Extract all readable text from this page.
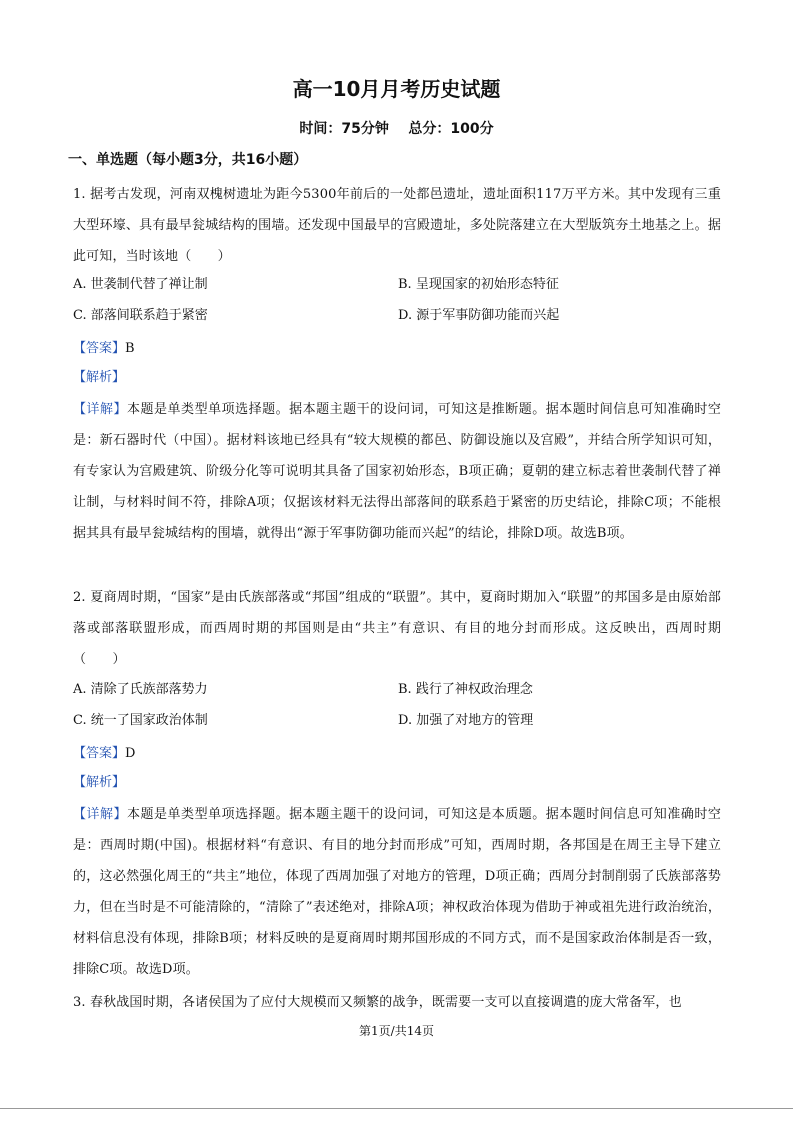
高一10月月考历史试题
时间：75分钟    总分：100分
一、单选题（每小题3分，共16小题）

1. 据考古发现，河南双槐树遗址为距今5300年前后的一处都邑遗址，遗址面积117万平方米。其中发现有三重大型环壕、具有最早瓮城结构的围墙。还发现中国最早的宫殿遗址，多处院落建立在大型版筑夯土地基之上。据此可知，当时该地（　　）

A. 世袭制代替了禅让制	B. 呈现国家的初始形态特征
C. 部落间联系趋于紧密	D. 源于军事防御功能而兴起
【答案】B
【解析】

【详解】本题是单类型单项选择题。据本题主题干的设问词，可知这是推断题。据本题时间信息可知准确时空是：新石器时代（中国）。据材料该地已经具有“较大规模的都邑、防御设施以及宫殿”，并结合所学知识可知，有专家认为宫殿建筑、阶级分化等可说明其具备了国家初始形态，B项正确；夏朝的建立标志着世袭制代替了禅让制，与材料时间不符，排除A项；仅据该材料无法得出部落间的联系趋于紧密的历史结论，排除C项；不能根据其具有最早瓮城结构的围墙，就得出“源于军事防御功能而兴起”的结论，排除D项。故选B项。

2. 夏商周时期，“国家”是由氏族部落或“邦国”组成的“联盟”。其中，夏商时期加入“联盟”的邦国多是由原始部落或部落联盟形成，而西周时期的邦国则是由“共主”有意识、有目的地分封而形成。这反映出，西周时期（　　）

A. 清除了氏族部落势力	B. 践行了神权政治理念
C. 统一了国家政治体制	D. 加强了对地方的管理
【答案】D
【解析】

【详解】本题是单类型单项选择题。据本题主题干的设问词，可知这是本质题。据本题时间信息可知准确时空是：西周时期(中国)。根据材料“有意识、有目的地分封而形成”可知，西周时期，各邦国是在周王主导下建立的，这必然强化周王的“共主”地位，体现了西周加强了对地方的管理，D项正确；西周分封制削弱了氏族部落势力，但在当时是不可能清除的，“清除了”表述绝对，排除A项；神权政治体现为借助于神或祖先进行政治统治，材料信息没有体现，排除B项；材料反映的是夏商周时期邦国形成的不同方式，而不是国家政治体制是否一致，排除C项。故选D项。

3. 春秋战国时期，各诸侯国为了应付大规模而又频繁的战争，既需要一支可以直接调遣的庞大常备军，也

第1页/共14页
